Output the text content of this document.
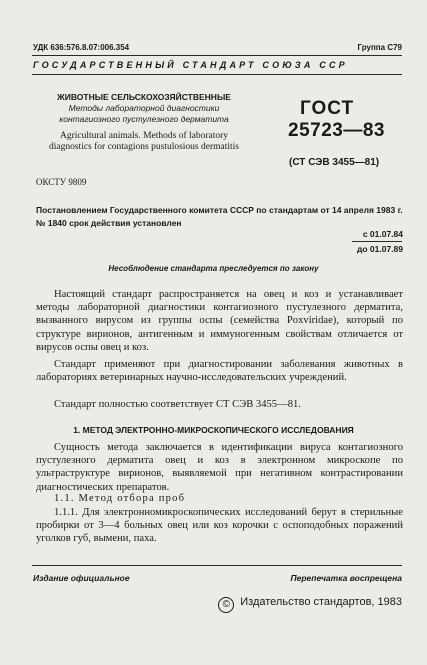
УДК 636:576.8.07:006.354	Группа С79
ГОСУДАРСТВЕННЫЙ СТАНДАРТ СОЮЗА ССР
ЖИВОТНЫЕ СЕЛЬСКОХОЗЯЙСТВЕННЫЕ
Методы лабораторной диагностики контагиозного пустулезного дерматита
Agricultural animals. Methods of laboratory diagnostics for contagions pustulosious dermatitis
ГОСТ
25723—83
(СТ СЭВ 3455—81)
ОКСТУ 9809
Постановлением Государственного комитета СССР по стандартам от 14 апреля 1983 г. № 1840 срок действия установлен
с 01.07.84
до 01.07.89
Несоблюдение стандарта преследуется по закону
Настоящий стандарт распространяется на овец и коз и устанавливает методы лабораторной диагностики контагиозного пустулезного дерматита, вызванного вирусом из группы оспы (семейства Poxviridae), который по структуре вирионов, антигенным и иммуногенным свойствам отличается от вирусов оспы овец и коз.
Стандарт применяют при диагностировании заболевания животных в лабораториях ветеринарных научно-исследовательских учреждений.
Стандарт полностью соответствует СТ СЭВ 3455—81.
1. МЕТОД ЭЛЕКТРОННО-МИКРОСКОПИЧЕСКОГО ИССЛЕДОВАНИЯ
Сущность метода заключается в идентификации вируса контагиозного пустулезного дерматита овец и коз в электронном микроскопе по ультраструктуре вирионов, выявляемой при негативном контрастировании диагностических препаратов.
1.1. Метод отбора проб
1.1.1. Для электронномикроскопических исследований берут в стерильные пробирки от 3—4 больных овец или коз корочки с оспоподобных поражений уголков губ, вымени, паха.
Издание официальное	Перепечатка воспрещена
© Издательство стандартов, 1983
